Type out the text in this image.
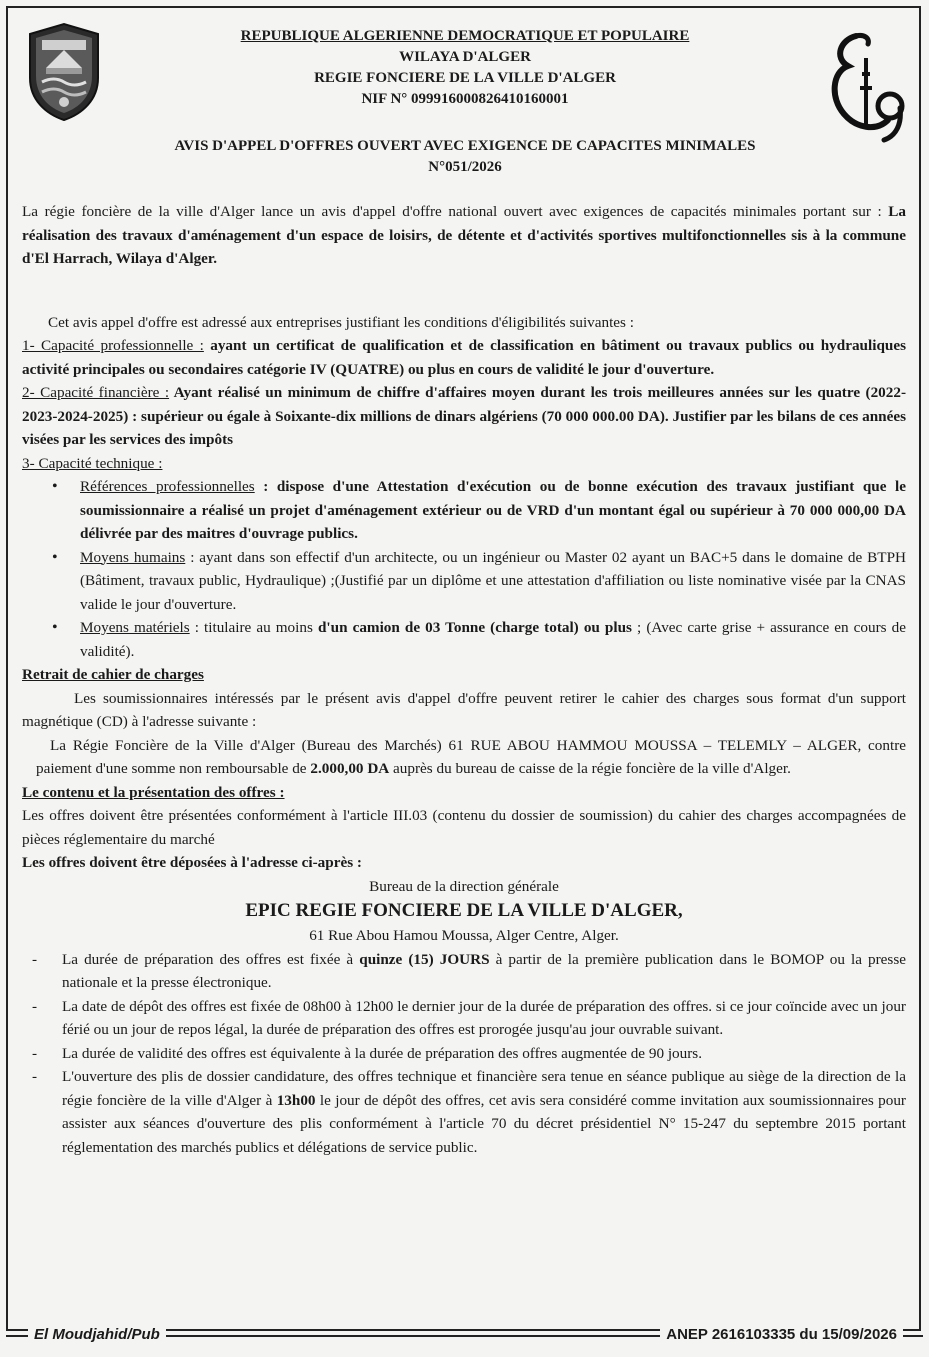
REPUBLIQUE ALGERIENNE DEMOCRATIQUE ET POPULAIRE
WILAYA D'ALGER
REGIE FONCIERE DE LA VILLE D'ALGER
NIF N° 099916000826410160001
AVIS D'APPEL D'OFFRES OUVERT AVEC EXIGENCE DE CAPACITES MINIMALES
N°051/2026

La régie foncière de la ville d'Alger lance un avis d'appel d'offre national ouvert avec exigences de capacités minimales portant sur : La réalisation des travaux d'aménagement d'un espace de loisirs, de détente et d'activités sportives multifonctionnelles sis à la commune d'El Harrach, Wilaya d'Alger.

Cet avis appel d'offre est adressé aux entreprises justifiant les conditions d'éligibilités suivantes :

1- Capacité professionnelle : ayant un certificat de qualification et de classification en bâtiment ou travaux publics ou hydrauliques activité principales ou secondaires catégorie IV (QUATRE) ou plus en cours de validité le jour d'ouverture.

2- Capacité financière : Ayant réalisé un minimum de chiffre d'affaires moyen durant les trois meilleures années sur les quatre (2022-2023-2024-2025) : supérieur ou égale à Soixante-dix millions de dinars algériens (70 000 000.00 DA). Justifier par les bilans de ces années visées par les services des impôts

3- Capacité technique :

• Références professionnelles : dispose d'une Attestation d'exécution ou de bonne exécution des travaux justifiant que le soumissionnaire a réalisé un projet d'aménagement extérieur ou de VRD d'un montant égal ou supérieur à 70 000 000,00 DA délivrée par des maitres d'ouvrage publics.
• Moyens humains : ayant dans son effectif d'un architecte, ou un ingénieur ou Master 02 ayant un BAC+5 dans le domaine de BTPH (Bâtiment, travaux public, Hydraulique) ;(Justifié par un diplôme et une attestation d'affiliation ou liste nominative visée par la CNAS valide le jour d'ouverture.
• Moyens matériels : titulaire au moins d'un camion de 03 Tonne (charge total) ou plus ; (Avec carte grise + assurance en cours de validité).

Retrait de cahier de charges

Les soumissionnaires intéressés par le présent avis d'appel d'offre peuvent retirer le cahier des charges sous format d'un support magnétique (CD) à l'adresse suivante :

La Régie Foncière de la Ville d'Alger (Bureau des Marchés) 61 RUE ABOU HAMMOU MOUSSA – TELEMLY – ALGER, contre paiement d'une somme non remboursable de 2.000,00 DA auprès du bureau de caisse de la régie foncière de la ville d'Alger.

Le contenu et la présentation des offres :

Les offres doivent être présentées conformément à l'article III.03 (contenu du dossier de soumission) du cahier des charges accompagnées de pièces réglementaire du marché

Les offres doivent être déposées à l'adresse ci-après :

Bureau de la direction générale

EPIC REGIE FONCIERE DE LA VILLE D'ALGER,

61 Rue Abou Hamou Moussa, Alger Centre, Alger.

- La durée de préparation des offres est fixée à quinze (15) JOURS à partir de la première publication dans le BOMOP ou la presse nationale et la presse électronique.
- La date de dépôt des offres est fixée de 08h00 à 12h00 le dernier jour de la durée de préparation des offres. si ce jour coïncide avec un jour férié ou un jour de repos légal, la durée de préparation des offres est prorogée jusqu'au jour ouvrable suivant.
- La durée de validité des offres est équivalente à la durée de préparation des offres augmentée de 90 jours.
- L'ouverture des plis de dossier candidature, des offres technique et financière sera tenue en séance publique au siège de la direction de la régie foncière de la ville d'Alger à 13h00 le jour de dépôt des offres, cet avis sera considéré comme invitation aux soumissionnaires pour assister aux séances d'ouverture des plis conformément à l'article 70 du décret présidentiel N° 15-247 du septembre 2015 portant réglementation des marchés publics et délégations de service public.
El Moudjahid/Pub	ANEP 2616103335 du 15/09/2026
